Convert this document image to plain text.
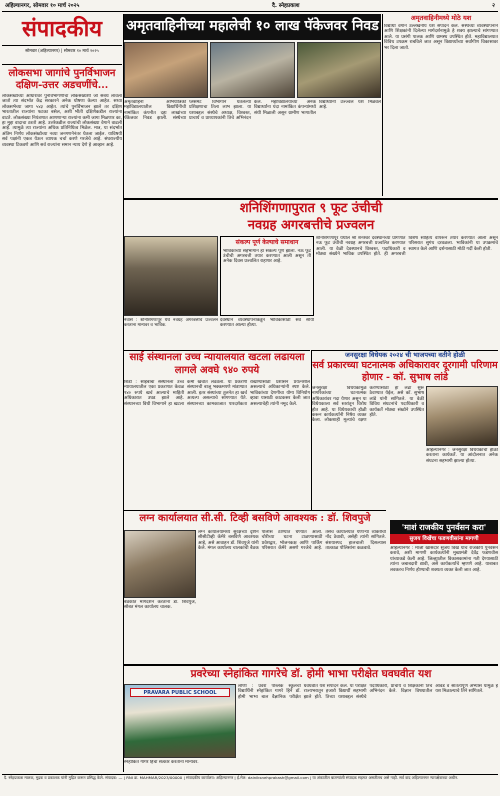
अहिल्यानगर, सोमवार १० मार्च २०२५	दै. स्नेहप्रकाश	२
संपादकीय
सोमवार (अहिल्यानगर) | सोमवार १० मार्च २०२५
लोकसभा जागांचे पुनर्विभाजन दक्षिण-उत्तर अडचणींचे...
लोकसंख्येच्या आधारावर पुनर्विभागणीचा लोकसंख्येशी जो संबंध लावला जातो त्या संदर्भात केंद्र सरकारने अनेक घोषणा केल्या आहेत. सध्या लोकसभेच्या जागा ५४३ आहेत. त्यांचे पुनर्विभाजन झाले तर दक्षिण भारतातील राज्यांना फटका बसेल, अशी भीती दक्षिणेकडील राज्यांना वाटते. लोकसंख्या नियंत्रणात आणणाऱ्या राज्यांना कमी जागा मिळणार का, हा मुद्दा वादाचा ठरतो आहे. उत्तरेकडील राज्यांची लोकसंख्या वेगाने वाढली आहे. त्यामुळे त्या राज्यांना अधिक प्रतिनिधित्व मिळेल. मात्र, या संदर्भात अंतिम निर्णय लोकसंख्येच्या नव्या जनगणनेनंतर घेतला जाईल. याविषयी सर्व पक्षांनी एकत्र येऊन व्यापक चर्चा करणे गरजेचे आहे. संघराज्यीय व्यवस्था टिकवणे आणि सर्व राज्यांना समान न्याय देणे हे आव्हान आहे.
अमृतवाहिनीच्या महालेची १० लाख पॅकेजवर निवड
अमृतवाहिनी अभियांत्रिकी महाविद्यालयातील विद्यार्थिनीची नामांकित कंपनीत दहा लाखांच्या पॅकेजवर निवड झाली. संस्थेच्या प्लेसमेंट विभागाने घेतलेल्या प्रशिक्षणाचा तिला लाभ झाला. या यशाबद्दल संस्थेचे अध्यक्ष, विश्वस्त, प्राचार्य व प्राध्यापकांनी तिचे अभिनंदन केले. महाविद्यालयाच्या अनेक विद्यार्थ्यांना यंदा नामांकित कंपन्यांमध्ये संधी मिळाली असून ग्रामीण भागातील विद्यार्थ्यांनी उज्ज्वल यश मिळवले आहे.
अमृतवाहिनीमध्ये मोठे यश
विद्यार्थी वर्गाने उल्लेखनीय यश संपादन केले. संस्थेच्या व्यवस्थापनाने आणि शिक्षकांनी दिलेल्या मार्गदर्शनामुळे हे शक्य झाल्याचे सांगण्यात आले. या प्रसंगी पालक आणि ग्रामस्थ उपस्थित होते. महाविद्यालयात विविध उपक्रम राबविले जात असून विद्यार्थ्यांच्या सर्वांगीण विकासावर भर दिला जातो.
शनिशिंगणापुरात ९ फूट उंचीची
नवग्रह अगरबत्तीचे प्रज्वलन
नेवासे : शनिशिंगणापूर येथे नवग्रह अगरबत्तीचे प्रज्वलन करताना मान्यवर व भाविक.
संकल्प पूर्ण केल्याचे समाधान
भाविकांच्या सहभागाने हा संकल्प पूर्ण झाला. नऊ फूट उंचीची अगरबत्ती तयार करण्यात आली असून ती अनेक दिवस प्रज्वलित राहणार आहे.
शनिशिंगणापूर येथील श्री शनैश्वर देवस्थानच्या प्रांगणात नऊ फूट उंचीची नवग्रह अगरबत्ती प्रज्वलित करण्यात आली. या वेळी देवस्थानचे विश्वस्त, पदाधिकारी व मोठ्या संख्येने भाविक उपस्थित होते. ही अगरबत्ती विशेष साहित्य वापरून तयार करण्यात आली असून परिसरात सुगंध दरवळला. भाविकांनी या उपक्रमाचे स्वागत केले आणि दर्शनासाठी मोठी गर्दी केली होती.
देवस्थान व्यवस्थापनाकडून भाविकांसाठी सर्व सोयी करण्यात आल्या होत्या.
साई संस्थानला उच्च न्यायालयात खटला लढायला लागले अवघे ९४० रुपये
शिर्डी : साईबाबा संस्थानला उच्च न्यायालयातील एका प्रकरणात केवळ ९४० रुपये खर्च आल्याचे माहिती अधिकारात उघड झाले आहे. संस्थानच्या विधी विभागाने हा खटला कमी खर्चात लढवला. या प्रकरणी संस्थानची बाजू भक्कमपणे मांडण्यात आली. इतर संस्थांच्या तुलनेत हा खर्च अत्यल्प असल्याचे सांगण्यात येते. संस्थानच्या कामकाजात पारदर्शकता राखण्यासाठी प्रशासन प्रयत्नशील असल्याचे अधिकाऱ्यांनी स्पष्ट केले. भाविकांच्या देणगीचा योग्य विनियोग व्हावा यासाठी काटकसर केली जात असल्याचेही त्यांनी नमूद केले.
जनसुरक्षा विधेयक २०२४ ची भाजपच्या वतीने होळी
सर्व प्रकारच्या घटनात्मक अधिकारावर दूरगामी परिणाम होणार - कॉ. सुभाष लांडे
जनसुरक्षा विधेयकामुळे नागरिकांच्या घटनात्मक अधिकारांवर गदा येणार असून या विधेयकाला सर्व स्तरांतून विरोध होत आहे. या विधेयकाची होळी करून कार्यकर्त्यांनी निषेध व्यक्त केला. लोकशाही मूल्यांचे रक्षण करण्यासाठी हा लढा सुरू ठेवण्यात येईल, असे कॉ. सुभाष लांडे यांनी सांगितले. या वेळी विविध संघटनांचे पदाधिकारी व कार्यकर्ते मोठ्या संख्येने उपस्थित होते.
अहिल्यानगर : जनसुरक्षा विधेयकाची होळी करताना कार्यकर्ते. या आंदोलनात अनेक संघटना सहभागी झाल्या होत्या.
'माशं राजकीय पुनर्वसन करा'
सुजय विखेंचा फडणवीसांना मागणी
अहिल्यानगर : माजी खासदार सुजय विखे यांचे राजकीय पुनर्वसन करावे, अशी मागणी कार्यकर्त्यांनी मुख्यमंत्री देवेंद्र फडणवीस यांच्याकडे केली आहे. जिल्ह्यातील विकासकामांना गती देण्यासाठी त्यांना जबाबदारी द्यावी, असे कार्यकर्त्यांचे म्हणणे आहे. याबाबत लवकरच निर्णय होण्याची शक्यता व्यक्त केली जात आहे.
लग्न कार्यालयात सी.सी. टिव्ही बसविणे आवश्यक : डॉ. शिवपुजे
बैठकीत मार्गदर्शन करताना डॉ. शिवपुजे, सोबत मंगल कार्यालय चालक.
लग्न कार्यालयांमध्ये सुरक्षेच्या दृष्टीने सीसीटीव्ही कॅमेरे बसविणे आवश्यक आहे, असे आवाहन डॉ. शिवपुजे यांनी केले. मंगल कार्यालय चालकांची बैठक पोलीस ठाण्यात घेण्यात आली. चोरीच्या घटना टाळण्यासाठी प्रवेशद्वार, भोजनकक्ष आणि पार्किंग परिसरात कॅमेरे असणे गरजेचे आहे. तसेच कार्यालयात येणाऱ्या व्यक्तींची नोंद ठेवावी, असेही त्यांनी सांगितले. संशयास्पद हालचाली दिसल्यास तात्काळ पोलिसांना कळवावे.
प्रवरेच्या स्नेहांकित गागरेचे डॉ. होमी भाभा परीक्षेत घवघवीत यश
PRAVARA PUBLIC SCHOOL
स्नेहांकित गागरे हिचा सत्कार करताना मान्यवर.
लोणी : प्रवरा पब्लिक स्कूलची विद्यार्थिनी स्नेहांकित गागरे हिने डॉ. होमी भाभा बाल वैज्ञानिक परीक्षेत घवघवीत यश संपादन केले. या परीक्षेत राज्यभरातून हजारो विद्यार्थी सहभागी झाले होते. तिच्या यशाबद्दल संस्थेचे पदाधिकारी, प्राचार्य व शिक्षकांनी तिचे अभिनंदन केले. विज्ञान विषयातील आवड व सातत्यपूर्ण अभ्यास यामुळे हे यश मिळाल्याचे तिने सांगितले.
दै. स्नेहप्रकाश मालक, मुद्रक व प्रकाशक यांनी मुद्रित करून प्रसिद्ध केले. संपादक: — | RNI क्र. MAHMAR/2023/00000 | संपादकीय कार्यालय: अहिल्यानगर | ई-मेल: dainiksnehprakash@gmail.com | या अंकातील बातम्यांशी संपादक सहमत असतीलच असे नाही. सर्व वाद अहिल्यानगर न्यायक्षेत्राच्या अधीन.
